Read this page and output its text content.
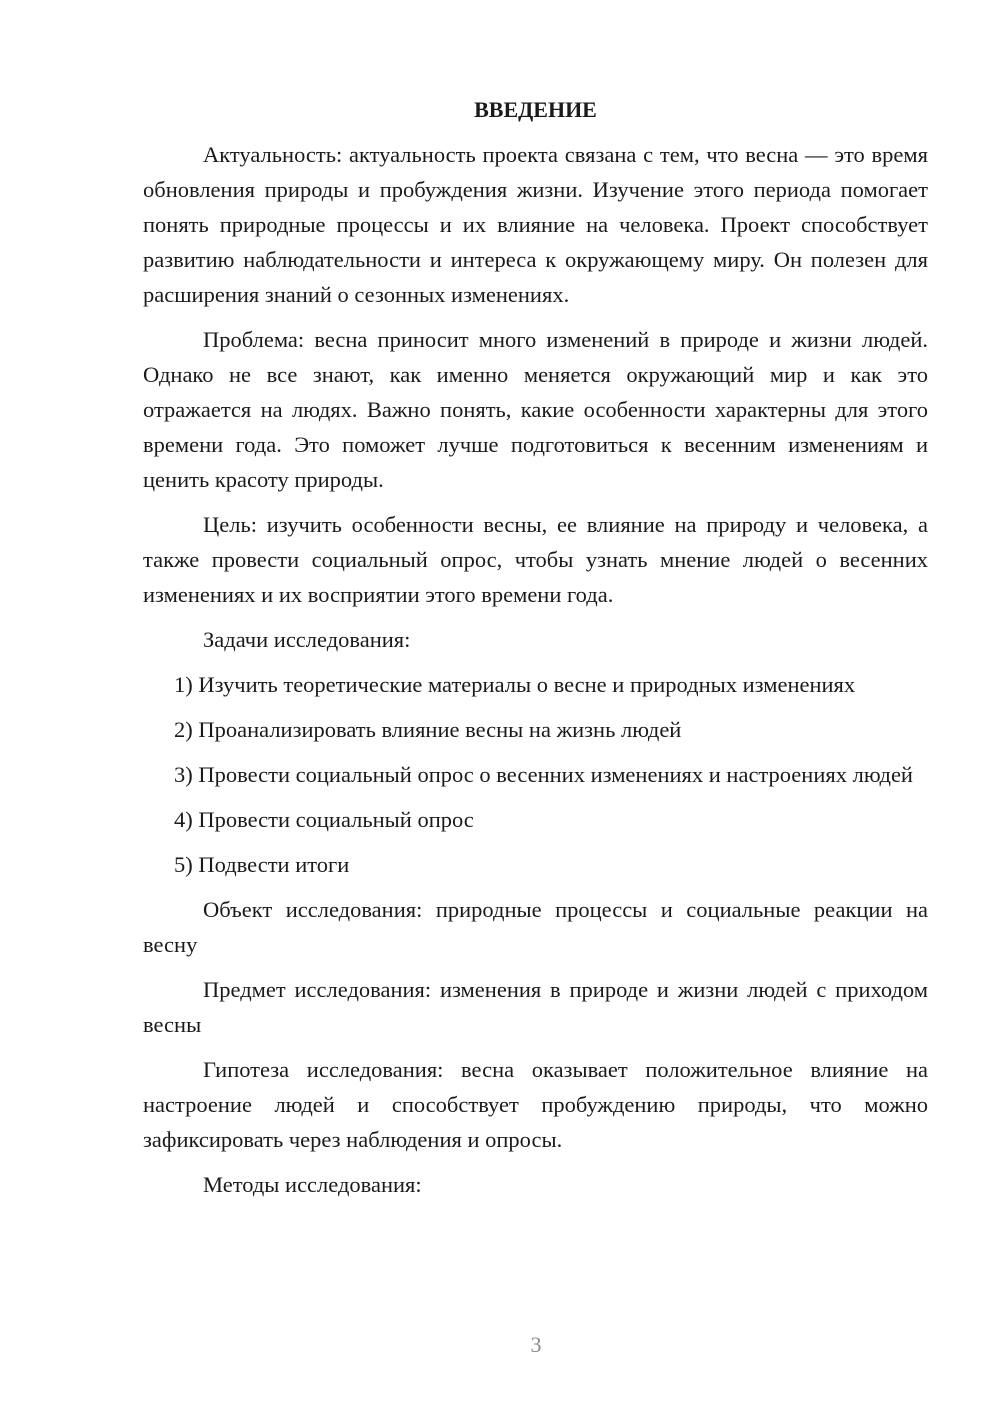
ВВЕДЕНИЕ

Актуальность: актуальность проекта связана с тем, что весна — это время обновления природы и пробуждения жизни. Изучение этого периода помогает понять природные процессы и их влияние на человека. Проект способствует развитию наблюдательности и интереса к окружающему миру. Он полезен для расширения знаний о сезонных изменениях.

Проблема: весна приносит много изменений в природе и жизни людей. Однако не все знают, как именно меняется окружающий мир и как это отражается на людях. Важно понять, какие особенности характерны для этого времени года. Это поможет лучше подготовиться к весенним изменениям и ценить красоту природы.

Цель: изучить особенности весны, ее влияние на природу и человека, а также провести социальный опрос, чтобы узнать мнение людей о весенних изменениях и их восприятии этого времени года.

Задачи исследования:

1) Изучить теоретические материалы о весне и природных изменениях

2) Проанализировать влияние весны на жизнь людей

3) Провести социальный опрос о весенних изменениях и настроениях людей

4) Провести социальный опрос

5) Подвести итоги

Объект исследования: природные процессы и социальные реакции на весну

Предмет исследования: изменения в природе и жизни людей с приходом весны

Гипотеза исследования: весна оказывает положительное влияние на настроение людей и способствует пробуждению природы, что можно зафиксировать через наблюдения и опросы.

Методы исследования:

3
